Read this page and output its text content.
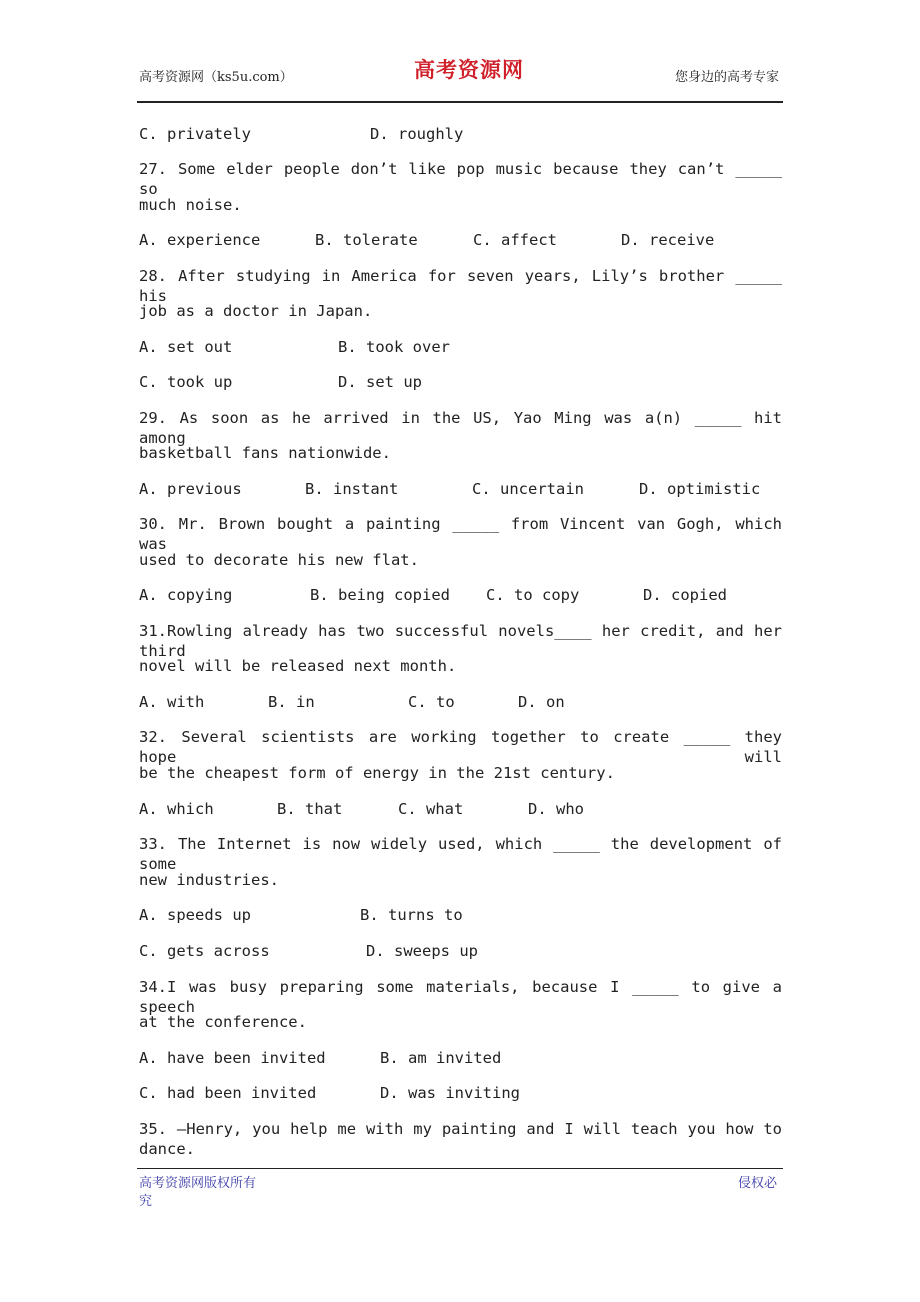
高考资源网（ks5u.com）	高考资源网	您身边的高考专家
C. privately	D. roughly
27. Some elder people don’t like pop music because they can’t _____ so
much noise.
A. experience	B. tolerate	C. affect	D. receive
28. After studying in America for seven years, Lily’s brother _____ his
job as a doctor in Japan.
A. set out	B. took over
C. took up	D. set up
29. As soon as he arrived in the US, Yao Ming was a(n) _____ hit among
basketball fans nationwide.
A. previous	B. instant	C. uncertain	D. optimistic
30. Mr. Brown bought a painting _____ from Vincent van Gogh, which was
used to decorate his new flat.
A. copying	B. being copied C. to copy	D. copied
31.Rowling already has two successful novels____ her credit, and her third
novel will be released next month.
A. with	B. in	C. to	D. on
32. Several scientists are working together to create _____ they hope will
be the cheapest form of energy in the 21st century.
A. which	B. that	C. what	D. who
33. The Internet is now widely used, which _____ the development of some
new industries.
A. speeds up	B. turns to
C. gets across	D. sweeps up
34.I was busy preparing some materials, because I _____ to give a speech
at the conference.
A. have been invited	B. am invited
C. had been invited	D. was inviting
35. —Henry, you help me with my painting and I will teach you how to dance.
高考资源网版权所有
究
侵权必
